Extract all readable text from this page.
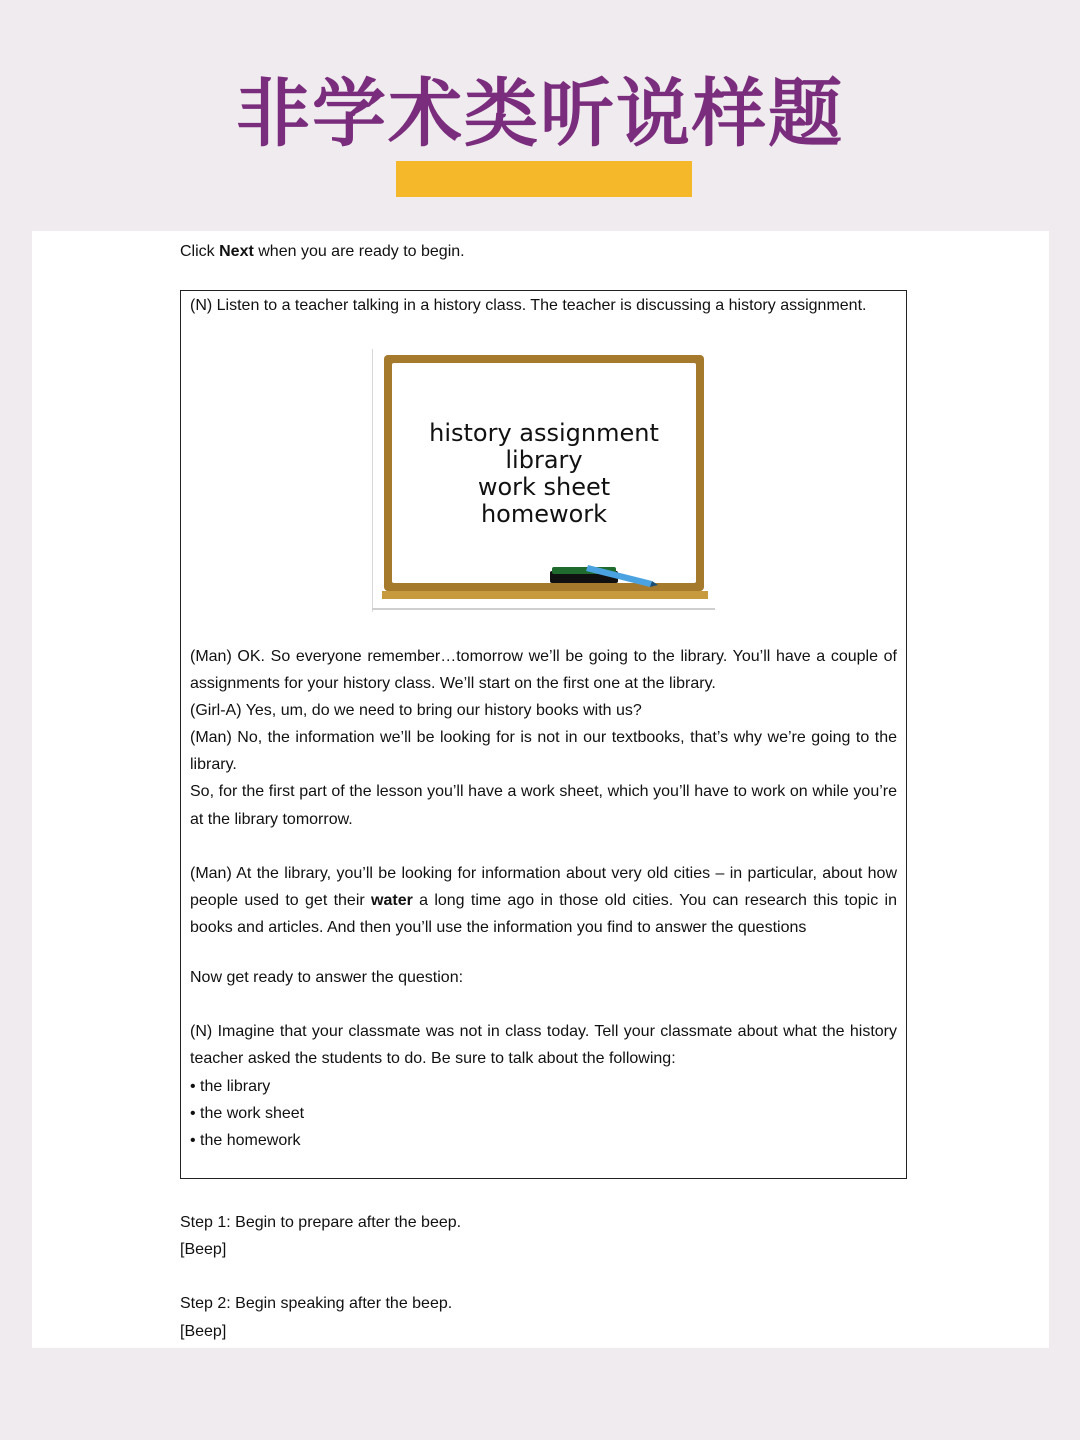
非学术类听说样题
Click Next when you are ready to begin.
(N) Listen to a teacher talking in a history class. The teacher is discussing a history assignment.
history assignment
library
work sheet
homework

(Man) OK. So everyone remember…tomorrow we’ll be going to the library. You’ll have a couple of assignments for your history class. We’ll start on the first one at the library.

(Girl-A) Yes, um, do we need to bring our history books with us?

(Man) No, the information we’ll be looking for is not in our textbooks, that’s why we’re going to the library.

So, for the first part of the lesson you’ll have a work sheet, which you’ll have to work on while you’re at the library tomorrow.

(Man) At the library, you’ll be looking for information about very old cities – in particular, about how people used to get their water a long time ago in those old cities. You can research this topic in books and articles. And then you’ll use the information you find to answer the questions

Now get ready to answer the question:

(N) Imagine that your classmate was not in class today. Tell your classmate about what the history teacher asked the students to do. Be sure to talk about the following:

• the library

• the work sheet

• the homework

Step 1: Begin to prepare after the beep.

[Beep]

Step 2: Begin speaking after the beep.

[Beep]
